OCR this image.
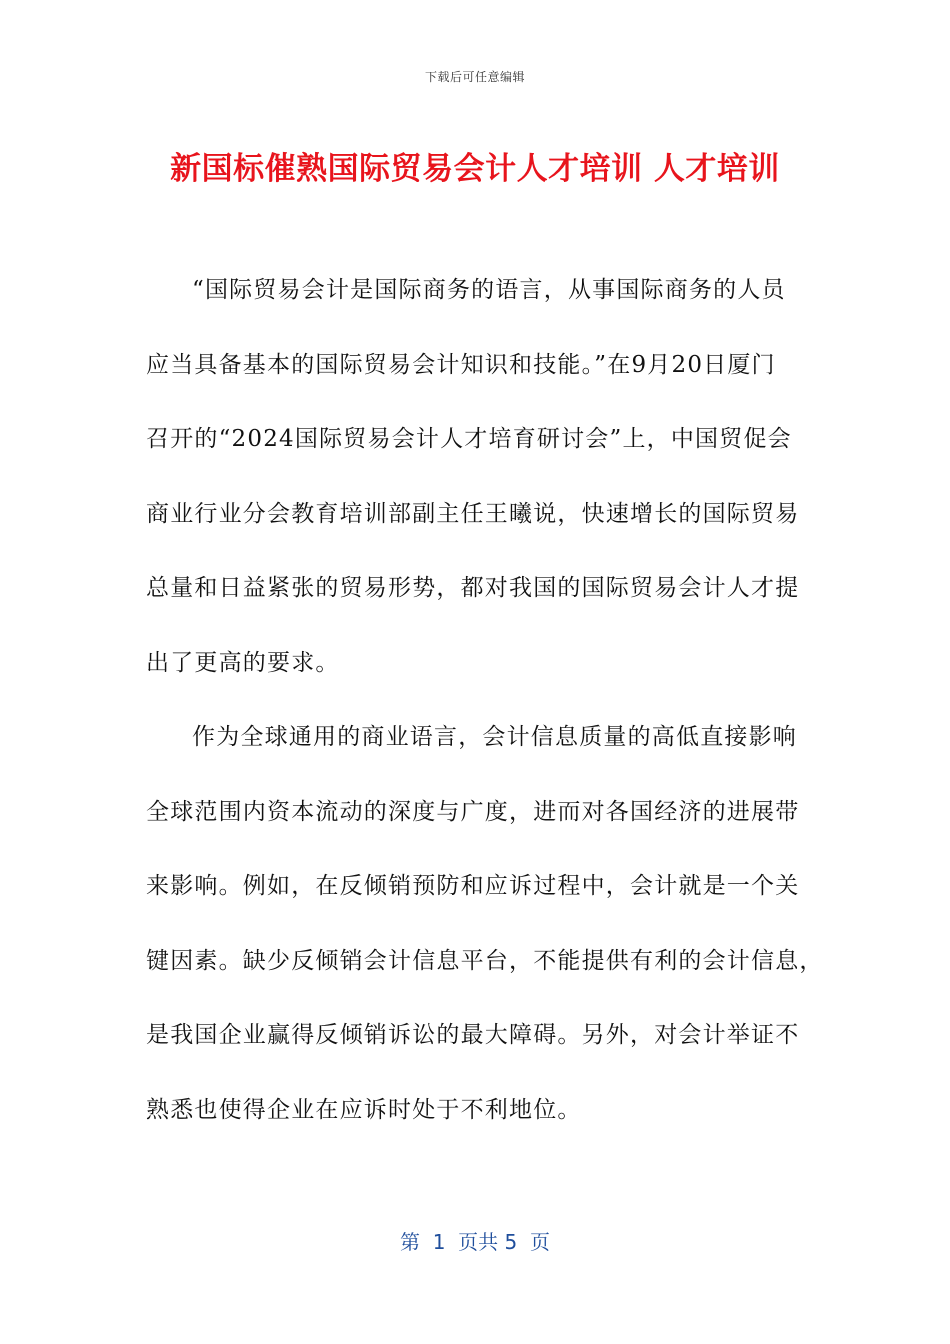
下载后可任意编辑
新国标催熟国际贸易会计人才培训 人才培训
“国际贸易会计是国际商务的语言，从事国际商务的人员
应当具备基本的国际贸易会计知识和技能。”在9月20日厦门
召开的“2024国际贸易会计人才培育研讨会”上，中国贸促会
商业行业分会教育培训部副主任王曦说，快速增长的国际贸易
总量和日益紧张的贸易形势，都对我国的国际贸易会计人才提
出了更高的要求。
作为全球通用的商业语言，会计信息质量的高低直接影响
全球范围内资本流动的深度与广度，进而对各国经济的进展带
来影响。例如，在反倾销预防和应诉过程中，会计就是一个关
键因素。缺少反倾销会计信息平台，不能提供有利的会计信息，
是我国企业赢得反倾销诉讼的最大障碍。另外，对会计举证不
熟悉也使得企业在应诉时处于不利地位。
第  1  页共 5  页
